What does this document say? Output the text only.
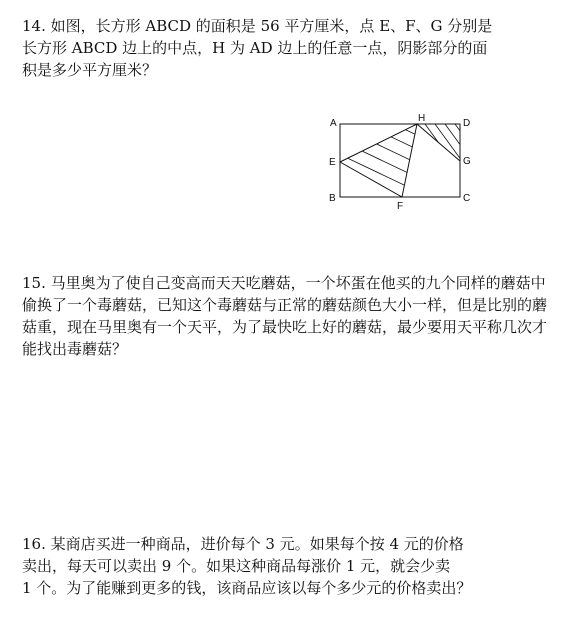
14. 如图，长方形 ABCD 的面积是 56 平方厘米，点 E、F、G 分别是
长方形 ABCD 边上的中点，H 为 AD 边上的任意一点，阴影部分的面
积是多少平方厘米？
A	H	D
E	G
B
F
C
15. 马里奥为了使自己变高而天天吃蘑菇，一个坏蛋在他买的九个同样的蘑菇中
偷换了一个毒蘑菇，已知这个毒蘑菇与正常的蘑菇颜色大小一样，但是比别的蘑
菇重，现在马里奥有一个天平，为了最快吃上好的蘑菇，最少要用天平称几次才
能找出毒蘑菇？
16. 某商店买进一种商品，进价每个 3 元。如果每个按 4 元的价格
卖出，每天可以卖出 9 个。如果这种商品每涨价 1 元，就会少卖
1 个。为了能赚到更多的钱，该商品应该以每个多少元的价格卖出？
